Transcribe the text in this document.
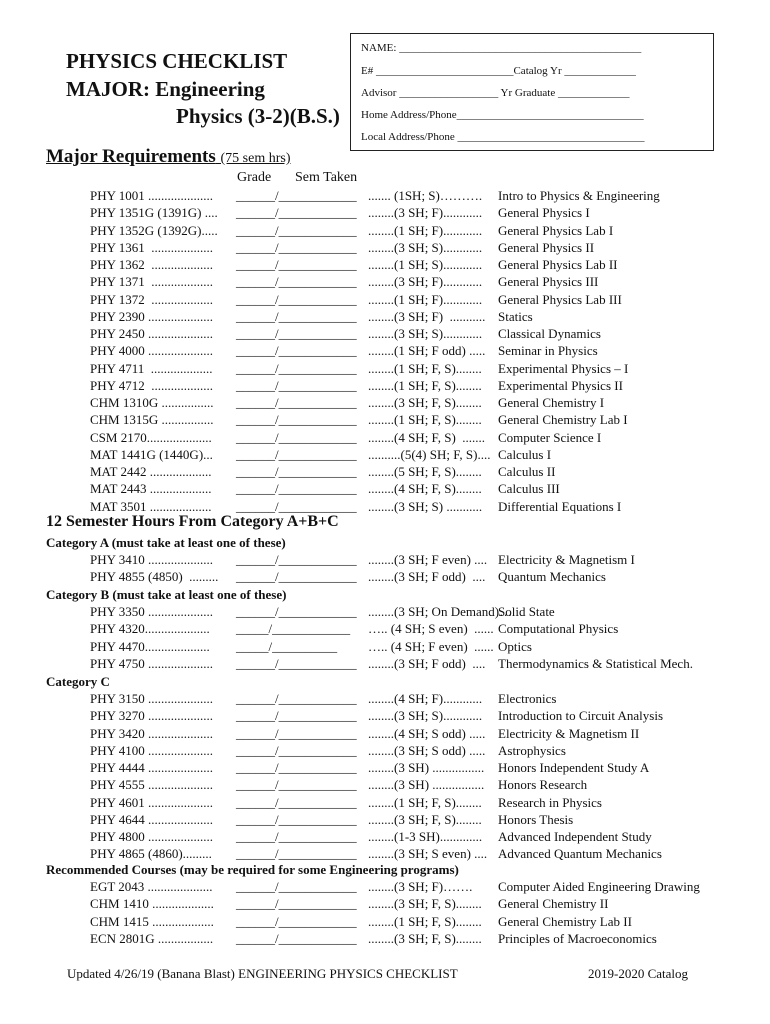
PHYSICS CHECKLIST
MAJOR: Engineering
Physics (3-2)(B.S.)
NAME: ____________________________________________
E# _________________________Catalog Yr _____________
Advisor __________________ Yr Graduate _____________
Home Address/Phone__________________________________
Local Address/Phone __________________________________
Major Requirements (75 sem hrs)
Grade Sem Taken
PHY 1001 .................... ______/____________ ....... (1SH; S)………. Intro to Physics & Engineering
PHY 1351G (1391G) .... ______/____________ ........(3 SH; F)............ General Physics I
PHY 1352G (1392G)..... ______/____________ ........(1 SH; F)............ General Physics Lab I
PHY 1361  ................... ______/____________ ........(3 SH; S)............ General Physics II
PHY 1362  ................... ______/____________ ........(1 SH; S)............ General Physics Lab II
PHY 1371  ................... ______/____________ ........(3 SH; F)............ General Physics III
PHY 1372  ................... ______/____________ ........(1 SH; F)............ General Physics Lab III
PHY 2390 .................... ______/____________ ........(3 SH; F)  ........... Statics
PHY 2450 .................... ______/____________ ........(3 SH; S)............ Classical Dynamics
PHY 4000 .................... ______/____________ ........(1 SH; F odd) ..... Seminar in Physics
PHY 4711  ................... ______/____________ ........(1 SH; F, S)........ Experimental Physics – I
PHY 4712  ................... ______/____________ ........(1 SH; F, S)........ Experimental Physics II
CHM 1310G ................ ______/____________ ........(3 SH; F, S)........ General Chemistry I
CHM 1315G ................ ______/____________ ........(1 SH; F, S)........ General Chemistry Lab I
CSM 2170.................... ______/____________ ........(4 SH; F, S)  ....... Computer Science I
MAT 1441G (1440G)... ______/____________ ..........(5(4) SH; F, S).... Calculus I
MAT 2442 ................... ______/____________ ........(5 SH; F, S)........ Calculus II
MAT 2443 ................... ______/____________ ........(4 SH; F, S)........ Calculus III
MAT 3501 ................... ______/____________ ........(3 SH; S) ........... Differential Equations I
12 Semester Hours From Category A+B+C
Category A (must take at least one of these)
PHY 3410 .................... ______/____________ ........(3 SH; F even) .... Electricity & Magnetism I
PHY 4855 (4850)  ......... ______/____________ ........(3 SH; F odd)  .... Quantum Mechanics
Category B (must take at least one of these)
PHY 3350 .................... ______/____________ ........(3 SH; On Demand)…
Solid State
PHY 4320.................... _____/____________ ….. (4 SH; S even)  ...... Computational Physics
PHY 4470.................... _____/__________ ….. (4 SH; F even)  ...... Optics
PHY 4750 .................... ______/____________ ........(3 SH; F odd)  .... Thermodynamics & Statistical Mech.
Category C
PHY 3150 .................... ______/____________ ........(4 SH; F)............ Electronics
PHY 3270 .................... ______/____________ ........(3 SH; S)............ Introduction to Circuit Analysis
PHY 3420 .................... ______/____________ ........(4 SH; S odd) ..... Electricity & Magnetism II
PHY 4100 .................... ______/____________ ........(3 SH; S odd) ..... Astrophysics
PHY 4444 .................... ______/____________ ........(3 SH) ................ Honors Independent Study A
PHY 4555 .................... ______/____________ ........(3 SH) ................ Honors Research
PHY 4601 .................... ______/____________ ........(1 SH; F, S)........ Research in Physics
PHY 4644 .................... ______/____________ ........(3 SH; F, S)........ Honors Thesis
PHY 4800 .................... ______/____________ ........(1-3 SH)............. Advanced Independent Study
PHY 4865 (4860)......... ______/____________ ........(3 SH; S even) .... Advanced Quantum Mechanics
Recommended Courses (may be required for some Engineering programs)
EGT 2043 .................... ______/____________ ........(3 SH; F)……. Computer Aided Engineering Drawing
CHM 1410 ................... ______/____________ ........(3 SH; F, S)........ General Chemistry II
CHM 1415 ................... ______/____________ ........(1 SH; F, S)........ General Chemistry Lab II
ECN 2801G ................. ______/____________ ........(3 SH; F, S)........ Principles of Macroeconomics
Updated 4/26/19 (Banana Blast) ENGINEERING PHYSICS CHECKLIST	2019-2020 Catalog
